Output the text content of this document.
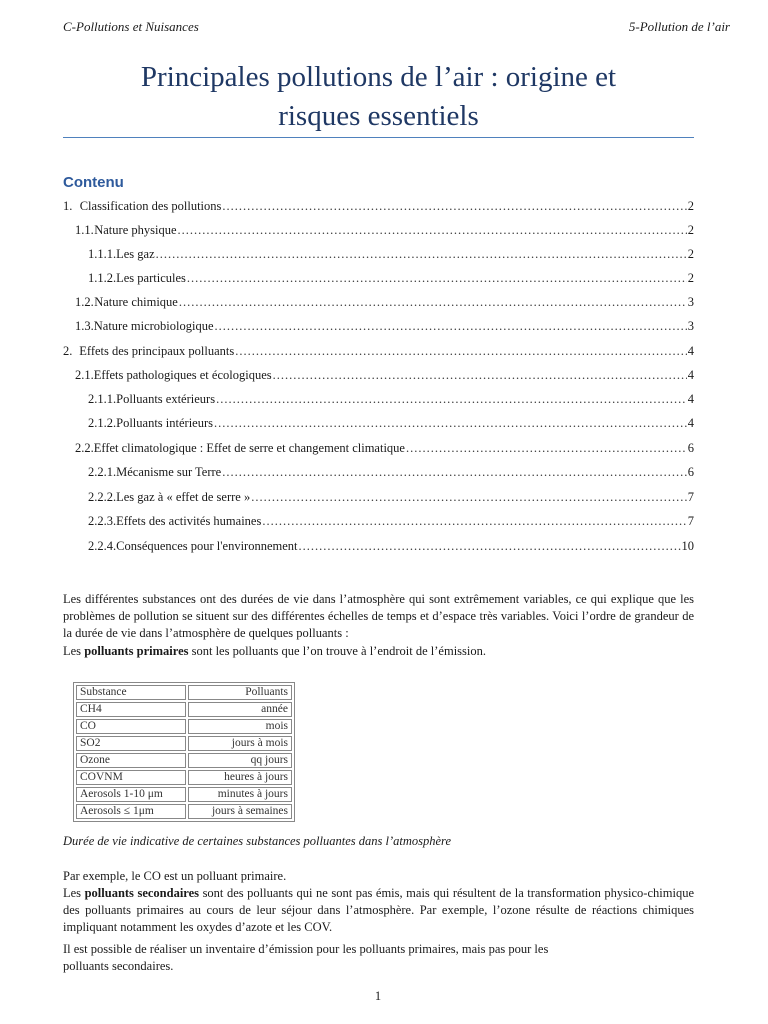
C-Pollutions et Nuisances	5-Pollution de l’air
Principales pollutions de l’air : origine et
risques essentiels
Contenu
1. Classification des pollutions .....	2
1.1. Nature physique .....	2
1.1.1. Les gaz .....	2
1.1.2. Les particules .....	2
1.2. Nature chimique .....	3
1.3. Nature microbiologique .....	3
2. Effets des principaux polluants .....	4
2.1. Effets pathologiques et écologiques .....	4
2.1.1. Polluants extérieurs .....	4
2.1.2. Polluants intérieurs .....	4
2.2. Effet climatologique : Effet de serre et changement climatique .....	6
2.2.1. Mécanisme sur Terre .....	6
2.2.2. Les gaz à « effet de serre » .....	7
2.2.3. Effets des activités humaines .....	7
2.2.4. Conséquences pour l'environnement .....	10

Les différentes substances ont des durées de vie dans l’atmosphère qui sont extrêmement variables, ce qui explique que les problèmes de pollution se situent sur des différentes échelles de temps et d’espace très variables. Voici l’ordre de grandeur de la durée de vie dans l’atmosphère de quelques polluants :
Les polluants primaires sont les polluants que l’on trouve à l’endroit de l’émission.

Substance	Polluants
CH4	année
CO	mois
SO2	jours à mois
Ozone	qq jours
COVNM	heures à jours
Aerosols 1-10 μm	minutes à jours
Aerosols ≤ 1μm	jours à semaines
Durée de vie indicative de certaines substances polluantes dans l’atmosphère

Par exemple, le CO est un polluant primaire.

Les polluants secondaires sont des polluants qui ne sont pas émis, mais qui résultent de la transformation physico-chimique des polluants primaires au cours de leur séjour dans l’atmosphère. Par exemple, l’ozone résulte de réactions chimiques impliquant notamment les oxydes d’azote et les COV.

Il est possible de réaliser un inventaire d’émission pour les polluants primaires, mais pas pour les
polluants secondaires.

1
